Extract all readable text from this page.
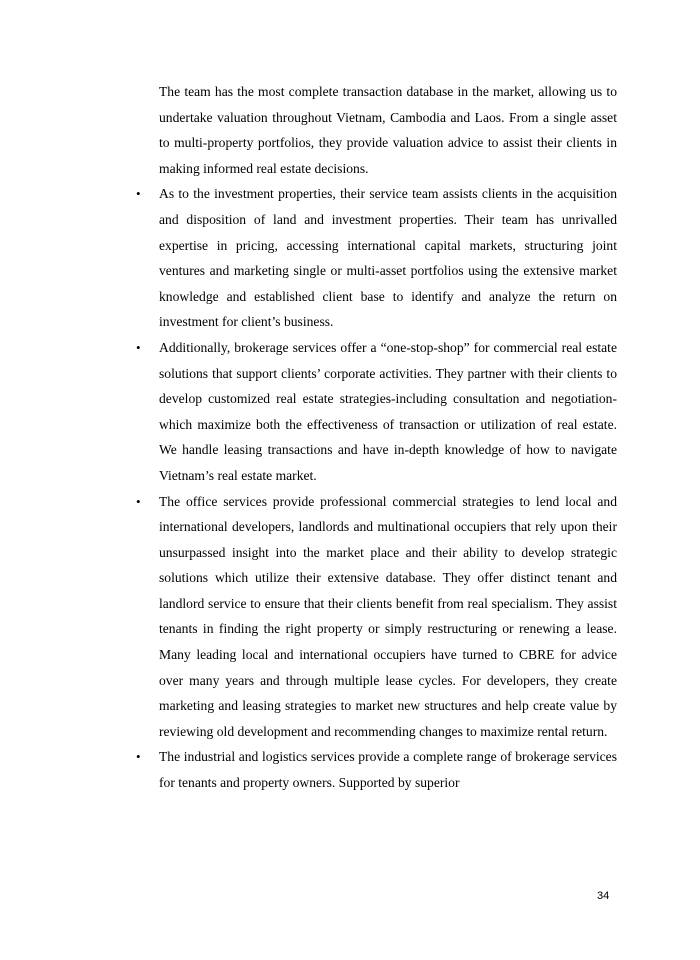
The team has the most complete transaction database in the market, allowing us to undertake valuation throughout Vietnam, Cambodia and Laos. From a single asset to multi-property portfolios, they provide valuation advice to assist their clients in making informed real estate decisions.

• As to the investment properties, their service team assists clients in the acquisition and disposition of land and investment properties. Their team has unrivalled expertise in pricing, accessing international capital markets, structuring joint ventures and marketing single or multi-asset portfolios using the extensive market knowledge and established client base to identify and analyze the return on investment for client’s business.
• Additionally, brokerage services offer a “one-stop-shop” for commercial real estate solutions that support clients’ corporate activities. They partner with their clients to develop customized real estate strategies-including consultation and negotiation-which maximize both the effectiveness of transaction or utilization of real estate. We handle leasing transactions and have in-depth knowledge of how to navigate Vietnam’s real estate market.
• The office services provide professional commercial strategies to lend local and international developers, landlords and multinational occupiers that rely upon their unsurpassed insight into the market place and their ability to develop strategic solutions which utilize their extensive database. They offer distinct tenant and landlord service to ensure that their clients benefit from real specialism. They assist tenants in finding the right property or simply restructuring or renewing a lease. Many leading local and international occupiers have turned to CBRE for advice over many years and through multiple lease cycles. For developers, they create marketing and leasing strategies to market new structures and help create value by reviewing old development and recommending changes to maximize rental return.
• The industrial and logistics services provide a complete range of brokerage services for tenants and property owners. Supported by superior
34
